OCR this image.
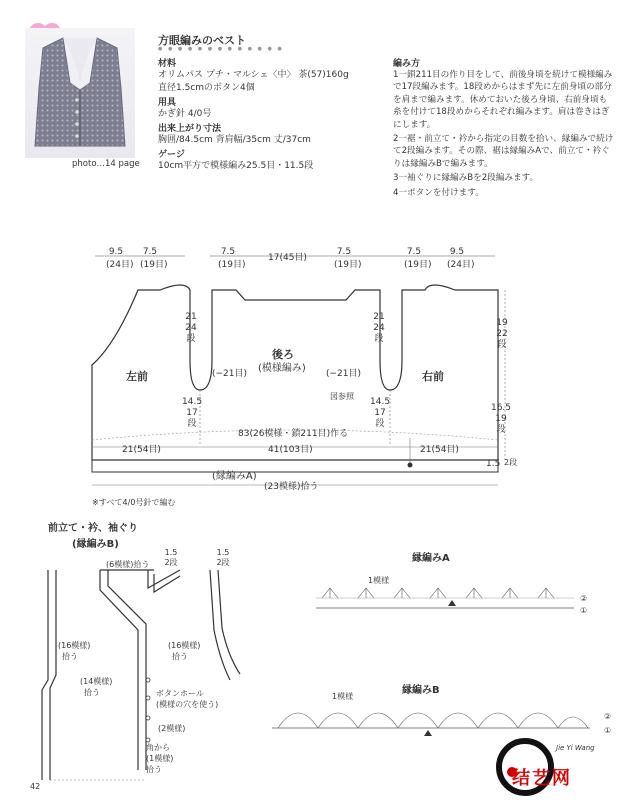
方眼編みのベスト
● ● ● ● ● ● ● ● ● ● ● ● ●
photo…14 page
材料
オリムパス プチ・マルシェ〈中〉 茶(57)160g
直径1.5cmのボタン4個
用具
かぎ針 4/0号
出来上がり寸法
胸囲/84.5cm 背肩幅/35cm 丈/37cm
ゲージ
10cm平方で模様編み25.5目・11.5段
編み方

1一鎖211目の作り目をして、前後身頃を続けて模様編みで17段編みます。18段めからはまず先に左前身頃の部分を肩まで編みます。休めておいた後ろ身頃、右前身頃も糸を付けて18段めからそれぞれ編みます。肩は巻きはぎにします。

2一裾・前立て・衿から指定の目数を拾い、縁編みで続けて2段編みます。その際、裾は縁編みAで、前立て・衿ぐりは縁編みBで編みます。

3一袖ぐりに縁編みBを2段編みます。

4一ボタンを付けます。

9.5
(24目)
7.5
(19目)
7.5
(19目)
17(45目)
7.5
(19目)
7.5
(19目)
9.5
(24目)
21
24
段
21
24
段
左前
後ろ
(模様編み)
右前
(−21目)	(−21目)
図参照
14.5
17
段
14.5
17
段
19
22
段
16.5
19
段
83(26模様・鎖211目)作る
21(54目)	41(103目)	21(54目)
1.5 2段
(縁編みA)
(23模様)拾う
※すべて4/0号針で編む
前立て・衿、袖ぐり
(縁編みB)
1.5
2段
1.5
2段
(6模様)拾う
(16模様)
拾う
(16模様)
拾う
(14模様)
拾う	ボタンホール
(模様の穴を使う)
(2模様)
角から
(1模様)
拾う
縁編みA
1模様
②
①
縁編みB
1模様
②
①
42
Jie Yi Wang
结艺网
